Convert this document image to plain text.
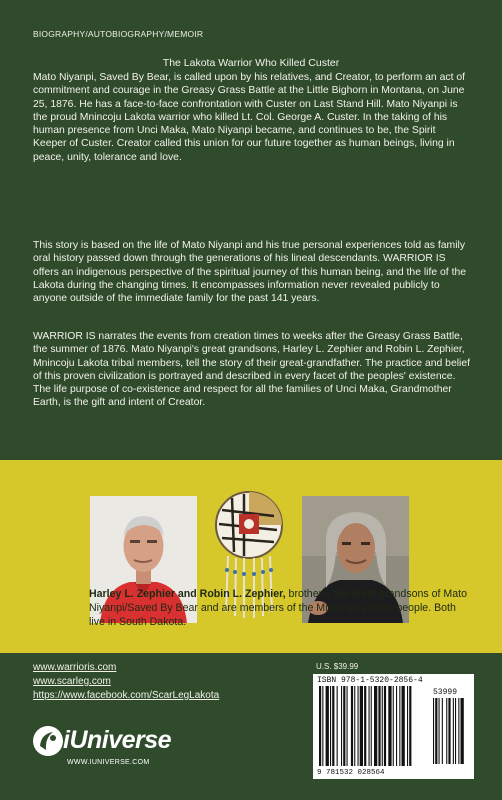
BIOGRAPHY/AUTOBIOGRAPHY/MEMOIR
The Lakota Warrior Who Killed Custer

Mato Niyanpi, Saved By Bear, is called upon by his relatives, and Creator, to perform an act of commitment and courage in the Greasy Grass Battle at the Little Bighorn in Montana, on June 25, 1876. He has a face-to-face confrontation with Custer on Last Stand Hill. Mato Niyanpi is the proud Mnincoju Lakota warrior who killed Lt. Col. George A. Custer. In the taking of his human presence from Unci Maka, Mato Niyanpi became, and continues to be, the Spirit Keeper of Custer. Creator called this union for our future together as human beings, living in peace, unity, tolerance and love.

This story is based on the life of Mato Niyanpi and his true personal experiences told as family oral history passed down through the generations of his lineal descendants. WARRIOR IS offers an indigenous perspective of the spiritual journey of this human being, and the life of the Lakota during the changing times. It encompasses information never revealed publicly to anyone outside of the immediate family for the past 141 years.

WARRIOR IS narrates the events from creation times to weeks after the Greasy Grass Battle, the summer of 1876. Mato Niyanpi's great grandsons, Harley L. Zephier and Robin L. Zephier, Mnincoju Lakota tribal members, tell the story of their great-grandfather. The practice and belief of this proven civilization is portrayed and described in every facet of the peoples' existence. The life purpose of co-existence and respect for all the families of Unci Maka, Grandmother Earth, is the gift and intent of Creator.

Harley L. Zephier and Robin L. Zephier, brothers, are great-grandsons of Mato Niyanpi/Saved By Bear and are members of the Mnincoju Lakota people. Both live in South Dakota.

www.warrioris.com
www.scarleg.com
https://www.facebook.com/ScarLegLakota
iUniverse
WWW.IUNIVERSE.COM
U.S. $39.99
ISBN 978-1-5320-2856-4
53999
9 781532 028564
